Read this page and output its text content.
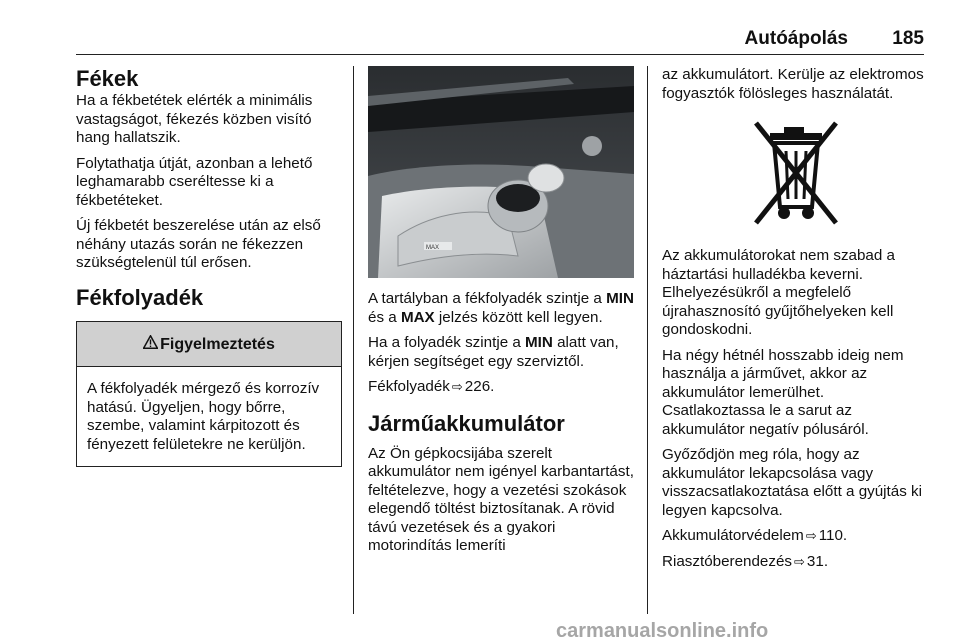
Autóápolás 185
Fékek

Ha a fékbetétek elérték a minimális vastagságot, fékezés közben visító hang hallatszik.

Folytathatja útját, azonban a lehető leghamarabb cseréltesse ki a fékbetéteket.

Új fékbetét beszerelése után az első néhány utazás során ne fékezzen szükségtelenül túl erősen.

Fékfolyadék
Figyelmeztetés
A fékfolyadék mérgező és korrozív hatású. Ügyeljen, hogy bőrre, szembe, valamint kárpitozott és fényezett felületekre ne kerüljön.
MAX

A tartályban a fékfolyadék szintje a MIN és a MAX jelzés között kell legyen.

Ha a folyadék szintje a MIN alatt van, kérjen segítséget egy szerviztől.

Fékfolyadék ⇨ 226.

Járműakkumulátor

Az Ön gépkocsijába szerelt akkumulátor nem igényel karbantartást, feltételezve, hogy a vezetési szokások elegendő töltést biztosítanak. A rövid távú vezetések és a gyakori motorindítás lemeríti

az akkumulátort. Kerülje az elektromos fogyasztók fölösleges használatát.

Az akkumulátorokat nem szabad a háztartási hulladékba keverni. Elhelyezésükről a megfelelő újrahasznosító gyűjtőhelyeken kell gondoskodni.

Ha négy hétnél hosszabb ideig nem használja a járművet, akkor az akkumulátor lemerülhet. Csatlakoztassa le a sarut az akkumulátor negatív pólusáról.

Győződjön meg róla, hogy az akkumulátor lekapcsolása vagy visszacsatlakoztatása előtt a gyújtás ki legyen kapcsolva.

Akkumulátorvédelem ⇨ 110.

Riasztóberendezés ⇨ 31.

carmanualsonline.info
